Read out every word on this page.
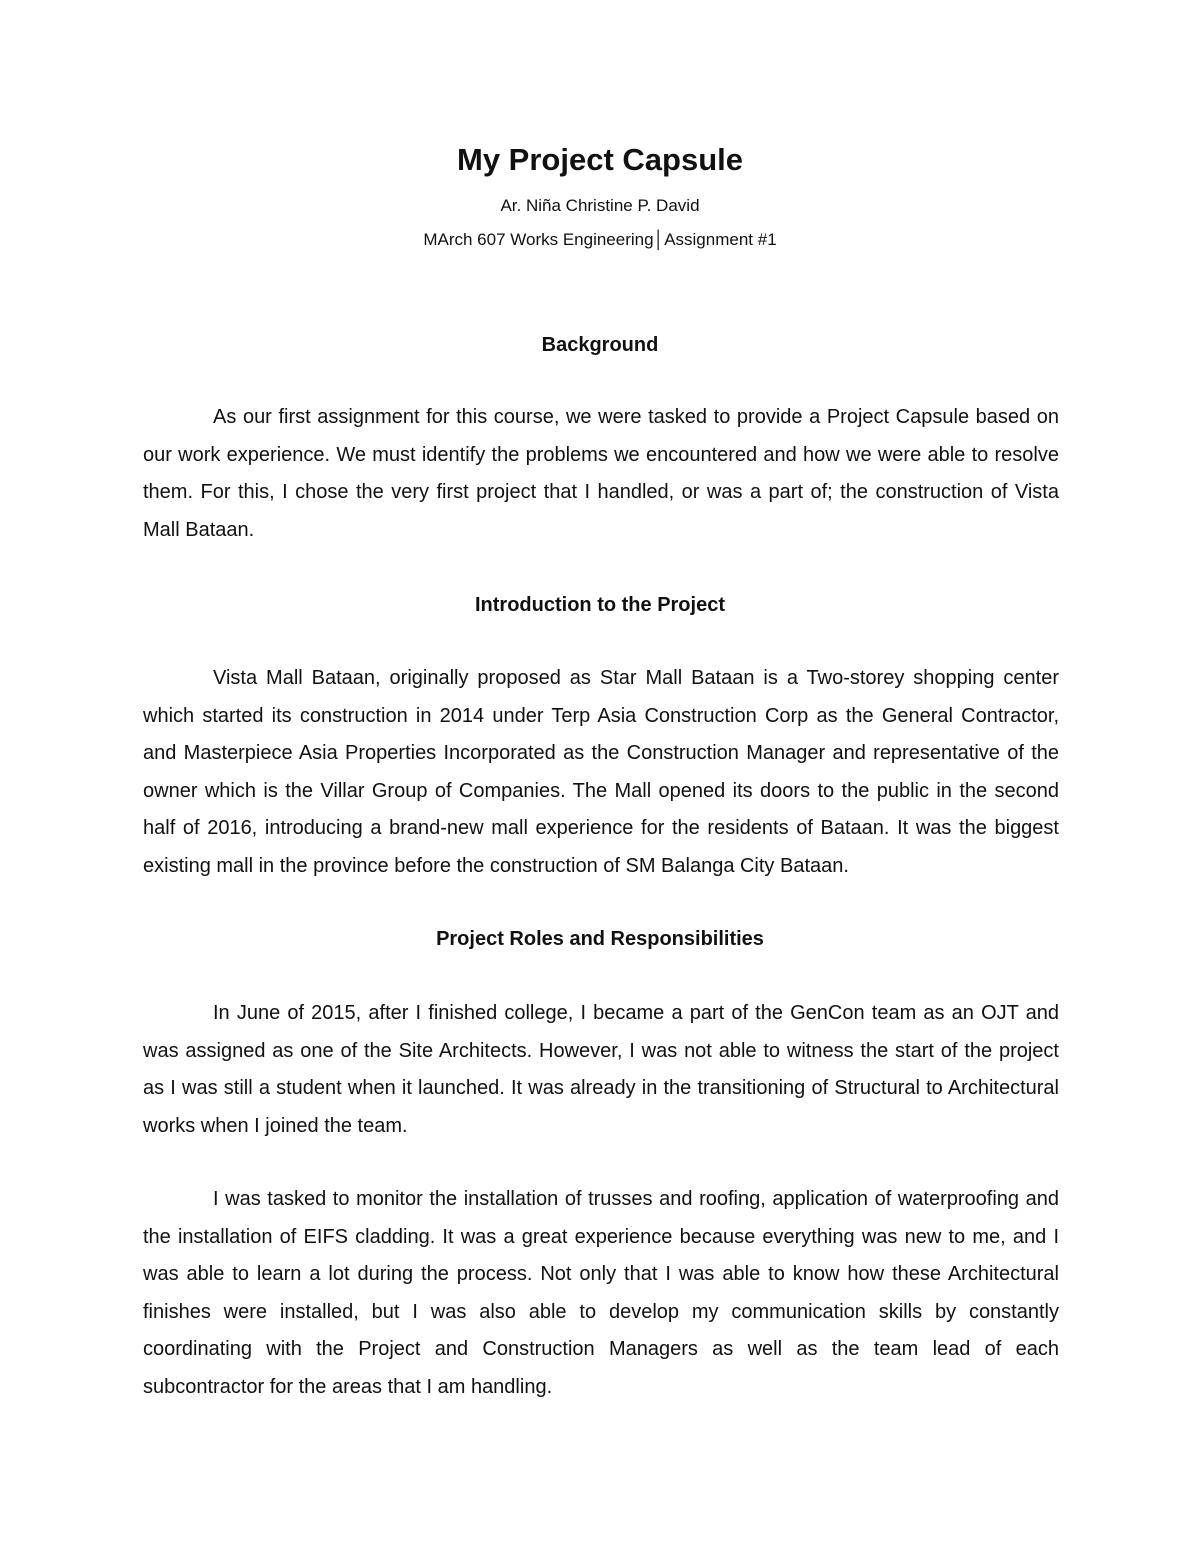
My Project Capsule

Ar. Niña Christine P. David

MArch 607 Works Engineering│Assignment #1

Background

As our first assignment for this course, we were tasked to provide a Project Capsule based on our work experience. We must identify the problems we encountered and how we were able to resolve them. For this, I chose the very first project that I handled, or was a part of; the construction of Vista Mall Bataan.

Introduction to the Project

Vista Mall Bataan, originally proposed as Star Mall Bataan is a Two-storey shopping center which started its construction in 2014 under Terp Asia Construction Corp as the General Contractor, and Masterpiece Asia Properties Incorporated as the Construction Manager and representative of the owner which is the Villar Group of Companies. The Mall opened its doors to the public in the second half of 2016, introducing a brand-new mall experience for the residents of Bataan. It was the biggest existing mall in the province before the construction of SM Balanga City Bataan.

Project Roles and Responsibilities

In June of 2015, after I finished college, I became a part of the GenCon team as an OJT and was assigned as one of the Site Architects. However, I was not able to witness the start of the project as I was still a student when it launched. It was already in the transitioning of Structural to Architectural works when I joined the team.

I was tasked to monitor the installation of trusses and roofing, application of waterproofing and the installation of EIFS cladding. It was a great experience because everything was new to me, and I was able to learn a lot during the process. Not only that I was able to know how these Architectural finishes were installed, but I was also able to develop my communication skills by constantly coordinating with the Project and Construction Managers as well as the team lead of each subcontractor for the areas that I am handling.
